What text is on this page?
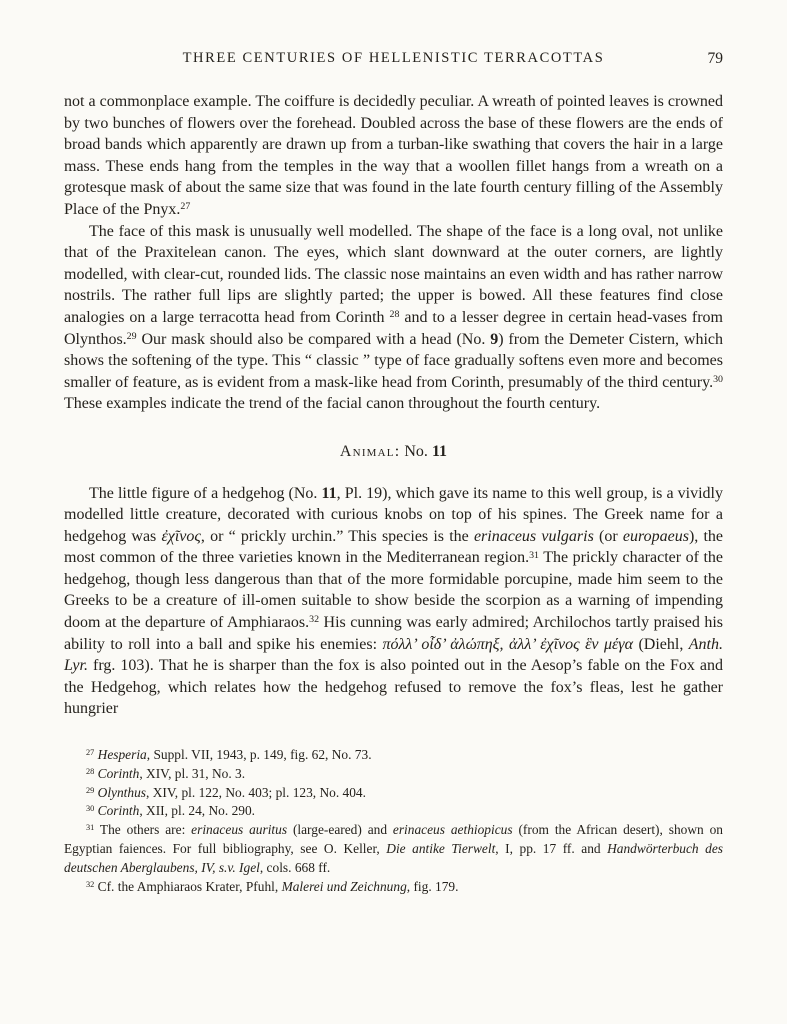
THREE CENTURIES OF HELLENISTIC TERRACOTTAS	79

not a commonplace example. The coiffure is decidedly peculiar. A wreath of pointed leaves is crowned by two bunches of flowers over the forehead. Doubled across the base of these flowers are the ends of broad bands which apparently are drawn up from a turban-like swathing that covers the hair in a large mass. These ends hang from the temples in the way that a woollen fillet hangs from a wreath on a grotesque mask of about the same size that was found in the late fourth century filling of the Assembly Place of the Pnyx.$^{27}$

The face of this mask is unusually well modelled. The shape of the face is a long oval, not unlike that of the Praxitelean canon. The eyes, which slant downward at the outer corners, are lightly modelled, with clear-cut, rounded lids. The classic nose maintains an even width and has rather narrow nostrils. The rather full lips are slightly parted; the upper is bowed. All these features find close analogies on a large terracotta head from Corinth $^{28}$ and to a lesser degree in certain head-vases from Olynthos.$^{29}$ Our mask should also be compared with a head (No. 9) from the Demeter Cistern, which shows the softening of the type. This “ classic ” type of face gradually softens even more and becomes smaller of feature, as is evident from a mask-like head from Corinth, presumably of the third century.$^{30}$ These examples indicate the trend of the facial canon throughout the fourth century.

Animal: No. 11

The little figure of a hedgehog (No. 11, Pl. 19), which gave its name to this well group, is a vividly modelled little creature, decorated with curious knobs on top of his spines. The Greek name for a hedgehog was ἐχῖνος, or “ prickly urchin.” This species is the erinaceus vulgaris (or europaeus), the most common of the three varieties known in the Mediterranean region.$^{31}$ The prickly character of the hedgehog, though less dangerous than that of the more formidable porcupine, made him seem to the Greeks to be a creature of ill-omen suitable to show beside the scorpion as a warning of impending doom at the departure of Amphiaraos.$^{32}$ His cunning was early admired; Archilochos tartly praised his ability to roll into a ball and spike his enemies: πόλλ’ οἶδ’ ἀλώπηξ, ἀλλ’ ἐχῖνος ἓν μέγα (Diehl, Anth. Lyr. frg. 103). That he is sharper than the fox is also pointed out in the Aesop’s fable on the Fox and the Hedgehog, which relates how the hedgehog refused to remove the fox’s fleas, lest he gather hungrier

$^{27}$ Hesperia, Suppl. VII, 1943, p. 149, fig. 62, No. 73.

$^{28}$ Corinth, XIV, pl. 31, No. 3.

$^{29}$ Olynthus, XIV, pl. 122, No. 403; pl. 123, No. 404.

$^{30}$ Corinth, XII, pl. 24, No. 290.

$^{31}$ The others are: erinaceus auritus (large-eared) and erinaceus aethiopicus (from the African desert), shown on Egyptian faiences. For full bibliography, see O. Keller, Die antike Tierwelt, I, pp. 17 ff. and Handwörterbuch des deutschen Aberglaubens, IV, s.v. Igel, cols. 668 ff.

$^{32}$ Cf. the Amphiaraos Krater, Pfuhl, Malerei und Zeichnung, fig. 179.
